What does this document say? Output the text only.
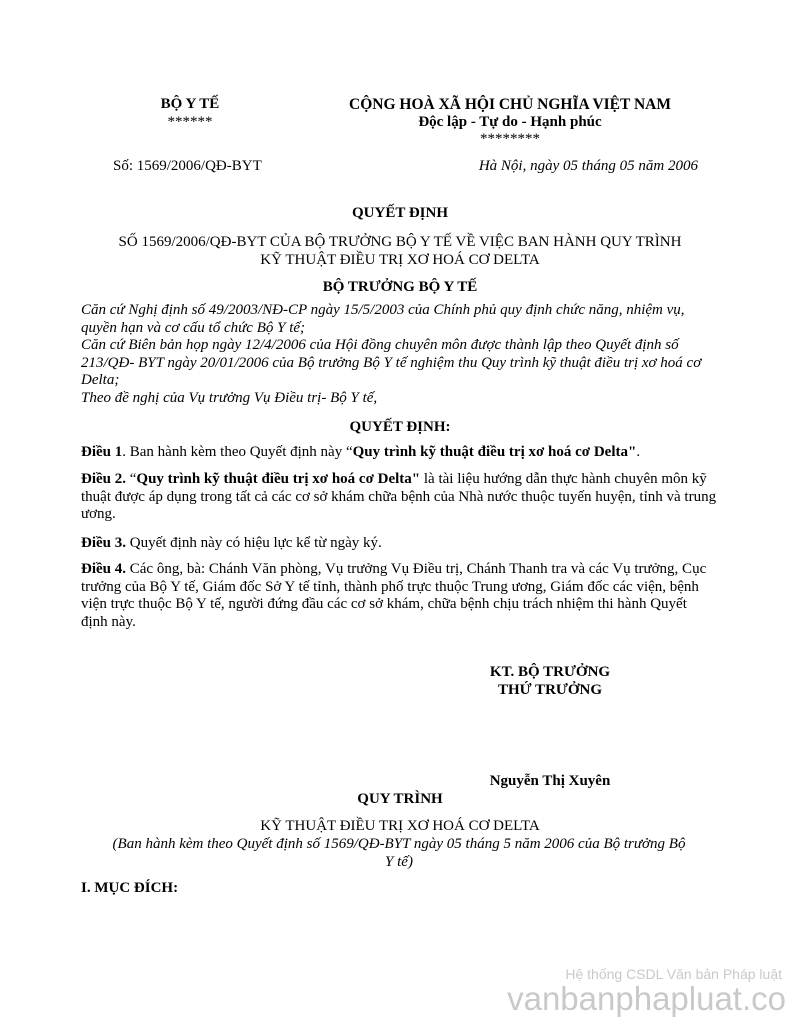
BỘ Y TẾ
******
CỘNG HOÀ XÃ HỘI CHỦ NGHĨA VIỆT NAM
Độc lập - Tự do - Hạnh phúc
********
Số: 1569/2006/QĐ-BYT	Hà Nội, ngày 05 tháng 05 năm 2006
QUYẾT ĐỊNH
SỐ 1569/2006/QĐ-BYT CỦA BỘ TRƯỞNG BỘ Y TẾ VỀ VIỆC BAN HÀNH QUY TRÌNH
KỸ THUẬT ĐIỀU TRỊ XƠ HOÁ CƠ DELTA
BỘ TRƯỞNG BỘ Y TẾ

Căn cứ Nghị định số 49/2003/NĐ-CP ngày 15/5/2003 của Chính phủ quy định chức năng, nhiệm vụ, quyền hạn và cơ cấu tổ chức Bộ Y tế;

Căn cứ Biên bản họp ngày 12/4/2006 của Hội đồng chuyên môn được thành lập theo Quyết định số 213/QĐ- BYT ngày 20/01/2006 của Bộ trưởng Bộ Y tế nghiệm thu Quy trình kỹ thuật điều trị xơ hoá cơ Delta;

Theo đề nghị của Vụ trưởng Vụ Điều trị- Bộ Y tế,

QUYẾT ĐỊNH:

Điều 1. Ban hành kèm theo Quyết định này “Quy trình kỹ thuật điều trị xơ hoá cơ Delta".

Điều 2. “Quy trình kỹ thuật điều trị xơ hoá cơ Delta" là tài liệu hướng dẫn thực hành chuyên môn kỹ thuật được áp dụng trong tất cả các cơ sở khám chữa bệnh của Nhà nước thuộc tuyến huyện, tỉnh và trung ương.

Điều 3. Quyết định này có hiệu lực kể từ ngày ký.

Điều 4. Các ông, bà: Chánh Văn phòng, Vụ trưởng Vụ Điều trị, Chánh Thanh tra và các Vụ trưởng, Cục trưởng của Bộ Y tế, Giám đốc Sở Y tế tỉnh, thành phố trực thuộc Trung ương, Giám đốc các viện, bệnh viện trực thuộc Bộ Y tế, người đứng đầu các cơ sở khám, chữa bệnh chịu trách nhiệm thi hành Quyết định này.

KT. BỘ TRƯỞNG
THỨ TRƯỞNG
Nguyễn Thị Xuyên
QUY TRÌNH
KỸ THUẬT ĐIỀU TRỊ XƠ HOÁ CƠ DELTA
(Ban hành kèm theo Quyết định số 1569/QĐ-BYT ngày 05 tháng 5 năm 2006 của Bộ trưởng Bộ
Y tế)
I. MỤC ĐÍCH:
Hệ thống CSDL Văn bản Pháp luật
vanbanphapluat.co
